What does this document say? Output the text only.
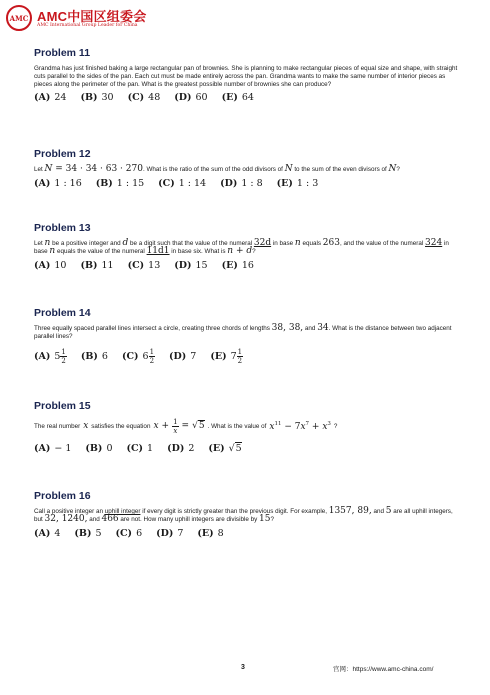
AMC AMC中国区组委会
AMC International Group Leader for China
Problem 11
Grandma has just finished baking a large rectangular pan of brownies. She is planning to make rectangular pieces of equal size and shape, with straight cuts parallel to the sides of the pan. Each cut must be made entirely across the pan. Grandma wants to make the same number of interior pieces as pieces along the perimeter of the pan. What is the greatest possible number of brownies she can produce?
(A) 24 (B) 30 (C) 48 (D) 60 (E) 64
Problem 12
Let N = 34 · 34 · 63 · 270. What is the ratio of the sum of the odd divisors of N to the sum of the even divisors of N?
(A) 1 : 16 (B) 1 : 15 (C) 1 : 14 (D) 1 : 8 (E) 1 : 3
Problem 13
Let n be a positive integer and d be a digit such that the value of the numeral 32d in base n equals 263, and the value of the numeral 324 in base n equals the value of the numeral 11d1 in base six. What is n + d?
(A) 10 (B) 11 (C) 13 (D) 15 (E) 16
Problem 14
Three equally spaced parallel lines intersect a circle, creating three chords of lengths 38, 38, and 34. What is the distance between two adjacent parallel lines?
(A) $5 \frac{1}{2} (B)$ 6 (C) $6 \frac{1}{2} (D)$ 7 (E) $7 \frac{1}{2}$
Problem 15
The real number x satisfies the equation $x + \frac{1}{x} = √5$ . What is the value of $x^{11} - 7x^7 + x^3$ ?
(A) − 1 (B) 0 (C) 1 (D) 2 (E) √5
Problem 16
Call a positive integer an uphill integer if every digit is strictly greater than the previous digit. For example, 1357, 89, and 5 are all uphill integers, but 32, 1240, and 466 are not. How many uphill integers are divisible by 15?
(A) 4 (B) 5 (C) 6 (D) 7 (E) 8
3	官网：https://www.amc-china.com/
